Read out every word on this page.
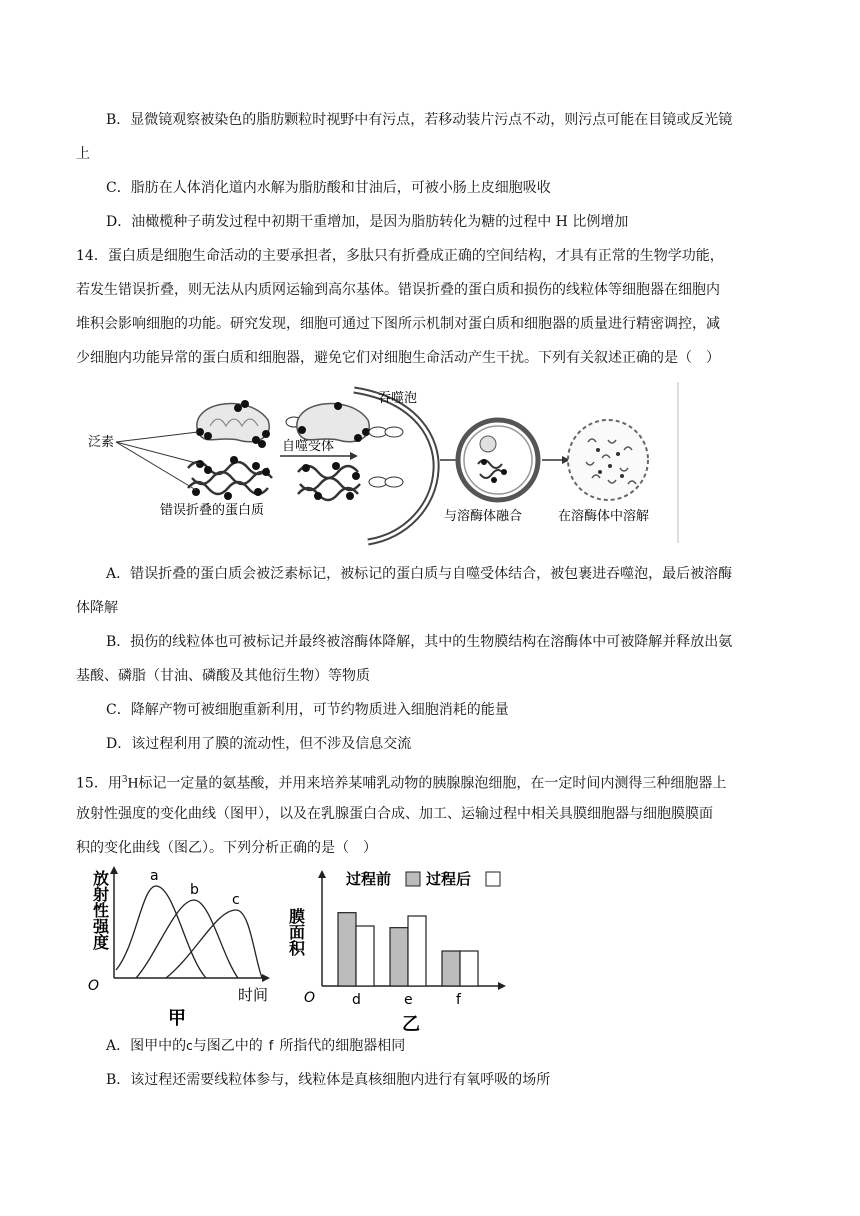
B．显微镜观察被染色的脂肪颗粒时视野中有污点，若移动装片污点不动，则污点可能在目镜或反光镜
上
C．脂肪在人体消化道内水解为脂肪酸和甘油后，可被小肠上皮细胞吸收
D．油橄榄种子萌发过程中初期干重增加，是因为脂肪转化为糖的过程中 H 比例增加
14．蛋白质是细胞生命活动的主要承担者，多肽只有折叠成正确的空间结构，才具有正常的生物学功能，
若发生错误折叠，则无法从内质网运输到高尔基体。错误折叠的蛋白质和损伤的线粒体等细胞器在细胞内
堆积会影响细胞的功能。研究发现，细胞可通过下图所示机制对蛋白质和细胞器的质量进行精密调控，减
少细胞内功能异常的蛋白质和细胞器，避免它们对细胞生命活动产生干扰。下列有关叙述正确的是（　）
泛素	自噬受体
错误折叠的蛋白质
吞噬泡
与溶酶体融合	在溶酶体中溶解
A．错误折叠的蛋白质会被泛素标记，被标记的蛋白质与自噬受体结合，被包裹进吞噬泡，最后被溶酶
体降解
B．损伤的线粒体也可被标记并最终被溶酶体降解，其中的生物膜结构在溶酶体中可被降解并释放出氨
基酸、磷脂（甘油、磷酸及其他衍生物）等物质
C．降解产物可被细胞重新利用，可节约物质进入细胞消耗的能量
D．该过程利用了膜的流动性，但不涉及信息交流
15．用$^3$H标记一定量的氨基酸，并用来培养某哺乳动物的胰腺腺泡细胞，在一定时间内测得三种细胞器上
放射性强度的变化曲线（图甲），以及在乳腺蛋白合成、加工、运输过程中相关具膜细胞器与细胞膜膜面
积的变化曲线（图乙）。下列分析正确的是（　）
放射性强度
O	时间
a
b
c
甲
膜面积
O
过程前 过程后
d	e	f
乙
A．图甲中的c与图乙中的 f 所指代的细胞器相同
B．该过程还需要线粒体参与，线粒体是真核细胞内进行有氧呼吸的场所
